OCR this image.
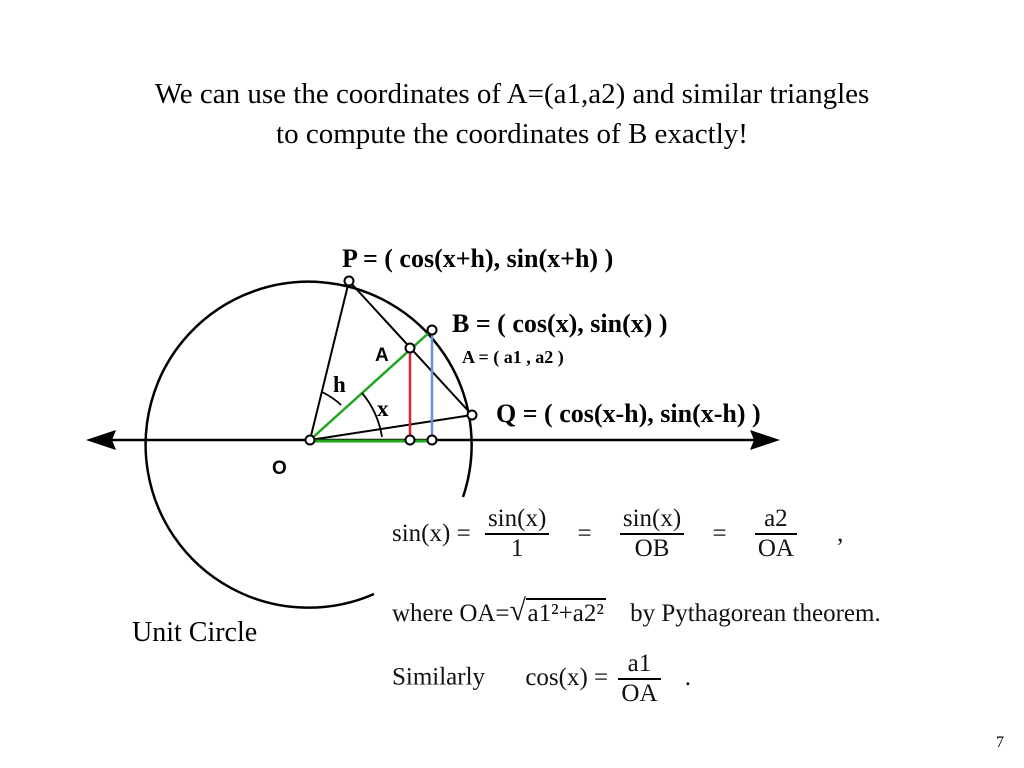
We can use the coordinates of A=(a1,a2) and similar triangles
to compute the coordinates of B exactly!
P = ( cos(x+h), sin(x+h) )
B = ( cos(x), sin(x) )
A	A = ( a1 , a2 )
Q = ( cos(x-h), sin(x-h) )
h
x
O
Unit Circle
$\sin(x) = \frac{\sin(x)}{1} = \frac{\sin(x)}{OB} = \frac{a2}{OA}$ ,
where OA= √ a1²+a2² by Pythagorean theorem.
Similarly $\cos(x) = \frac{a1}{OA}$ .
7
